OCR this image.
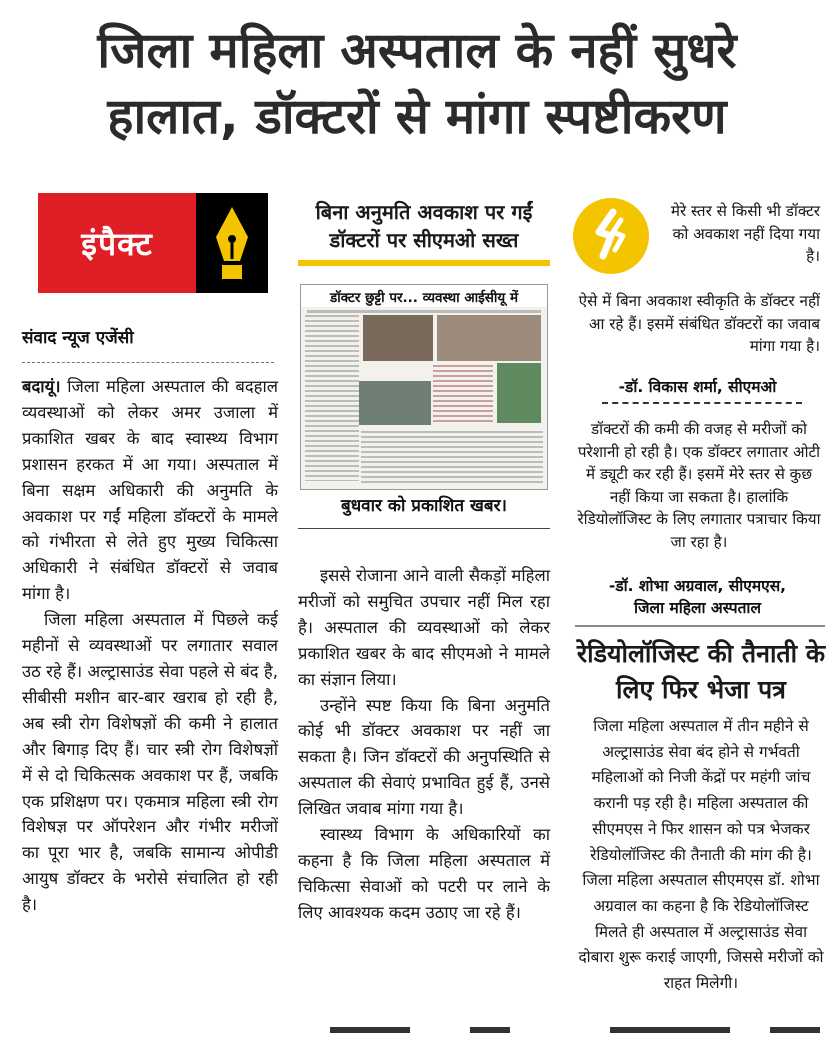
जिला महिला अस्पताल के नहीं सुधरे
हालात, डॉक्टरों से मांगा स्पष्टीकरण
इंपैक्ट
संवाद न्यूज एजेंसी

बदायूं। जिला महिला अस्पताल की बदहाल व्यवस्थाओं को लेकर अमर उजाला में प्रकाशित खबर के बाद स्वास्थ्य विभाग प्रशासन हरकत में आ गया। अस्पताल में बिना सक्षम अधिकारी की अनुमति के अवकाश पर गईं महिला डॉक्टरों के मामले को गंभीरता से लेते हुए मुख्य चिकित्सा अधिकारी ने संबंधित डॉक्टरों से जवाब मांगा है।

जिला महिला अस्पताल में पिछले कई महीनों से व्यवस्थाओं पर लगातार सवाल उठ रहे हैं। अल्ट्रासाउंड सेवा पहले से बंद है, सीबीसी मशीन बार-बार खराब हो रही है, अब स्त्री रोग विशेषज्ञों की कमी ने हालात और बिगाड़ दिए हैं। चार स्त्री रोग विशेषज्ञों में से दो चिकित्सक अवकाश पर हैं, जबकि एक प्रशिक्षण पर। एकमात्र महिला स्त्री रोग विशेषज्ञ पर ऑपरेशन और गंभीर मरीजों का पूरा भार है, जबकि सामान्य ओपीडी आयुष डॉक्टर के भरोसे संचालित हो रही है।

बिना अनुमति अवकाश पर गईं डॉक्टरों पर सीएमओ सख्त
डॉक्टर छुट्टी पर... व्यवस्था आईसीयू में
बुधवार को प्रकाशित खबर।

इससे रोजाना आने वाली सैकड़ों महिला मरीजों को समुचित उपचार नहीं मिल रहा है। अस्पताल की व्यवस्थाओं को लेकर प्रकाशित खबर के बाद सीएमओ ने मामले का संज्ञान लिया।

उन्होंने स्पष्ट किया कि बिना अनुमति कोई भी डॉक्टर अवकाश पर नहीं जा सकता है। जिन डॉक्टरों की अनुपस्थिति से अस्पताल की सेवाएं प्रभावित हुई हैं, उनसे लिखित जवाब मांगा गया है।

स्वास्थ्य विभाग के अधिकारियों का कहना है कि जिला महिला अस्पताल में चिकित्सा सेवाओं को पटरी पर लाने के लिए आवश्यक कदम उठाए जा रहे हैं।

मेरे स्तर से किसी भी डॉक्टर को अवकाश नहीं दिया गया है।
ऐसे में बिना अवकाश स्वीकृति के डॉक्टर नहीं आ रहे हैं। इसमें संबंधित डॉक्टरों का जवाब मांगा गया है।
-डॉ. विकास शर्मा, सीएमओ
डॉक्टरों की कमी की वजह से मरीजों को परेशानी हो रही है। एक डॉक्टर लगातार ओटी में ड्यूटी कर रही हैं। इसमें मेरे स्तर से कुछ नहीं किया जा सकता है। हालांकि रेडियोलॉजिस्ट के लिए लगातार पत्राचार किया जा रहा है।
-डॉ. शोभा अग्रवाल, सीएमएस,
जिला महिला अस्पताल
रेडियोलॉजिस्ट की तैनाती के लिए फिर भेजा पत्र
जिला महिला अस्पताल में तीन महीने से अल्ट्रासाउंड सेवा बंद होने से गर्भवती महिलाओं को निजी केंद्रों पर महंगी जांच करानी पड़ रही है। महिला अस्पताल की सीएमएस ने फिर शासन को पत्र भेजकर रेडियोलॉजिस्ट की तैनाती की मांग की है। जिला महिला अस्पताल सीएमएस डॉ. शोभा अग्रवाल का कहना है कि रेडियोलॉजिस्ट मिलते ही अस्पताल में अल्ट्रासाउंड सेवा दोबारा शुरू कराई जाएगी, जिससे मरीजों को राहत मिलेगी।
